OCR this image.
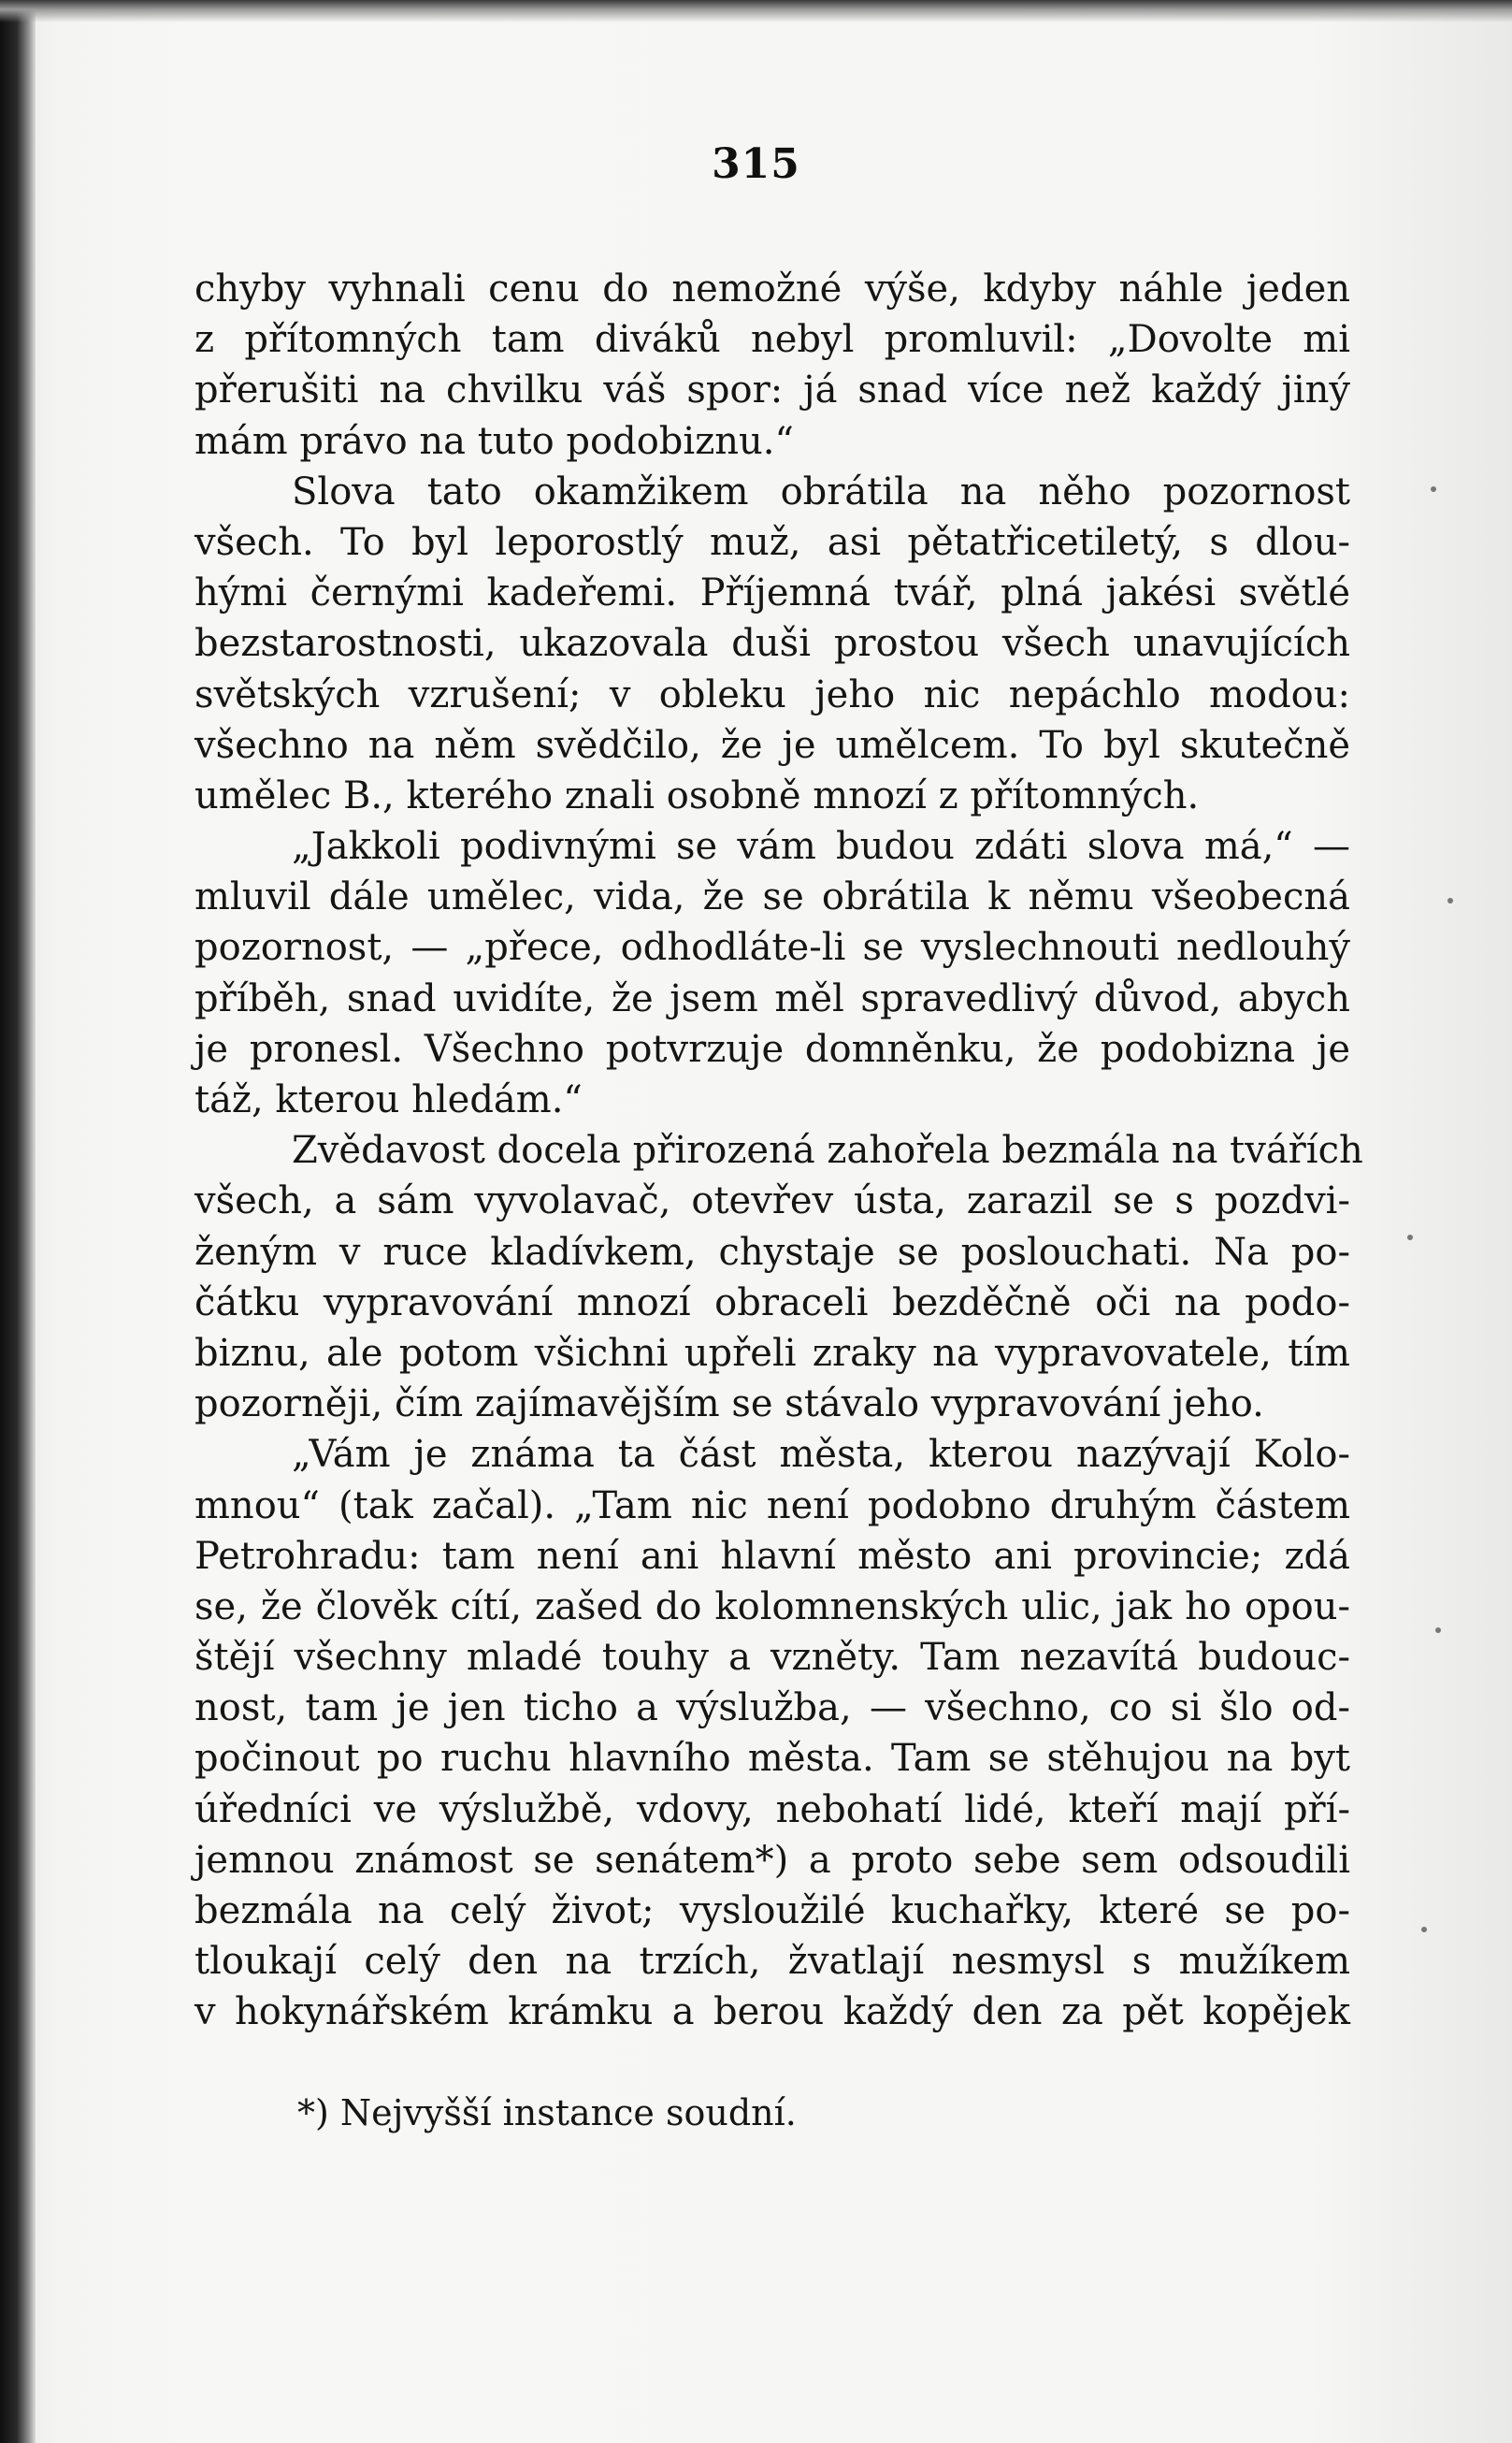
315
chyby vyhnali cenu do nemožné výše, kdyby náhle jeden
z přítomných tam diváků nebyl promluvil: „Dovolte mi
přerušiti na chvilku váš spor: já snad více než každý jiný
mám právo na tuto podobiznu.“
Slova tato okamžikem obrátila na něho pozornost
všech. To byl leporostlý muž, asi pětatřicetiletý, s dlou-
hými černými kadeřemi. Příjemná tvář, plná jakési světlé
bezstarostnosti, ukazovala duši prostou všech unavujících
světských vzrušení; v obleku jeho nic nepáchlo modou:
všechno na něm svědčilo, že je umělcem. To byl skutečně
umělec B., kterého znali osobně mnozí z přítomných.
„Jakkoli podivnými se vám budou zdáti slova má,“ —
mluvil dále umělec, vida, že se obrátila k němu všeobecná
pozornost, — „přece, odhodláte-li se vyslechnouti nedlouhý
příběh, snad uvidíte, že jsem měl spravedlivý důvod, abych
je pronesl. Všechno potvrzuje domněnku, že podobizna je
táž, kterou hledám.“
Zvědavost docela přirozená zahořela bezmála na tvářích
všech, a sám vyvolavač, otevřev ústa, zarazil se s pozdvi-
ženým v ruce kladívkem, chystaje se poslouchati. Na po-
čátku vypravování mnozí obraceli bezděčně oči na podo-
biznu, ale potom všichni upřeli zraky na vypravovatele, tím
pozorněji, čím zajímavějším se stávalo vypravování jeho.
„Vám je známa ta část města, kterou nazývají Kolo-
mnou“ (tak začal). „Tam nic není podobno druhým částem
Petrohradu: tam není ani hlavní město ani provincie; zdá
se, že člověk cítí, zašed do kolomnenských ulic, jak ho opou-
štějí všechny mladé touhy a vzněty. Tam nezavítá budouc-
nost, tam je jen ticho a výslužba, — všechno, co si šlo od-
počinout po ruchu hlavního města. Tam se stěhujou na byt
úředníci ve výslužbě, vdovy, nebohatí lidé, kteří mají pří-
jemnou známost se senátem*) a proto sebe sem odsoudili
bezmála na celý život; vysloužilé kuchařky, které se po-
tloukají celý den na trzích, žvatlají nesmysl s mužíkem
v hokynářském krámku a berou každý den za pět kopějek
*) Nejvyšší instance soudní.
